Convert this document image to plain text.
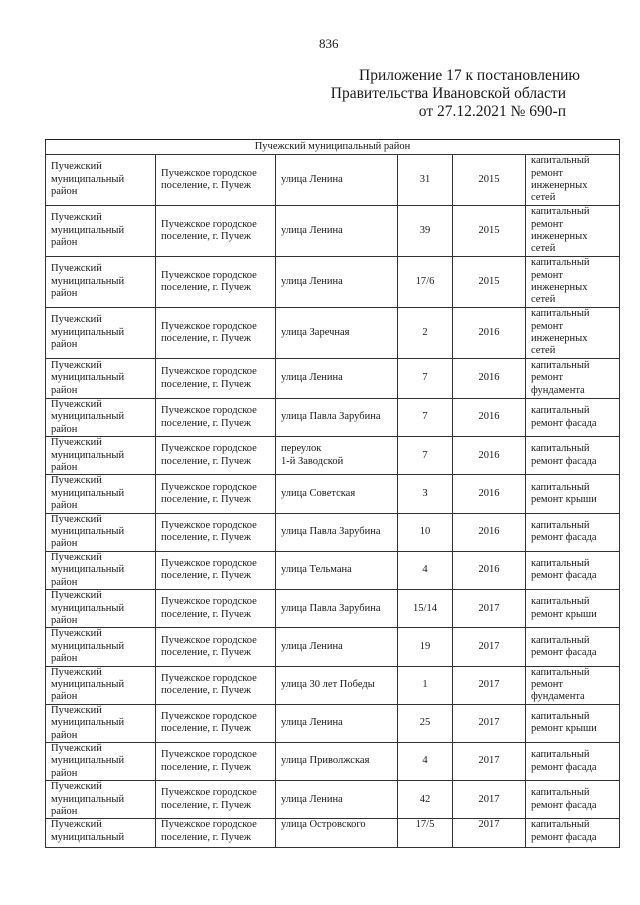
836
Приложение 17 к постановлению
Правительства Ивановской области
от 27.12.2021 № 690-п
Пучежский муниципальный район					

Пучежский
муниципальный
район	Пучежское городское поселение, г. Пучеж	улица Ленина	31	2015	капитальный
ремонт
инженерных
сетей

Пучежский
муниципальный
район	Пучежское городское поселение, г. Пучеж	улица Ленина	39	2015	капитальный
ремонт
инженерных
сетей

Пучежский
муниципальный
район	Пучежское городское поселение, г. Пучеж	улица Ленина	17/6	2015	капитальный
ремонт
инженерных
сетей

Пучежский
муниципальный
район	Пучежское городское поселение, г. Пучеж	улица Заречная	2	2016	капитальный
ремонт
инженерных
сетей

Пучежский
муниципальный
район	Пучежское городское поселение, г. Пучеж	улица Ленина	7	2016	капитальный
ремонт
фундамента

Пучежский
муниципальный
район	Пучежское городское поселение, г. Пучеж	улица Павла Зарубина	7	2016	капитальный
ремонт фасада

Пучежский
муниципальный
район	Пучежское городское поселение, г. Пучеж	переулок
1-й Заводской	7	2016	капитальный
ремонт фасада

Пучежский
муниципальный
район	Пучежское городское поселение, г. Пучеж	улица Советская	3	2016	капитальный
ремонт крыши

Пучежский
муниципальный
район	Пучежское городское поселение, г. Пучеж	улица Павла Зарубина	10	2016	капитальный
ремонт фасада

Пучежский
муниципальный
район	Пучежское городское поселение, г. Пучеж	улица Тельмана	4	2016	капитальный
ремонт фасада

Пучежский
муниципальный
район	Пучежское городское поселение, г. Пучеж	улица Павла Зарубина	15/14	2017	капитальный
ремонт крыши

Пучежский
муниципальный
район	Пучежское городское поселение, г. Пучеж	улица Ленина	19	2017	капитальный
ремонт фасада

Пучежский
муниципальный
район	Пучежское городское поселение, г. Пучеж	улица 30 лет Победы	1	2017	капитальный
ремонт
фундамента

Пучежский
муниципальный
район	Пучежское городское поселение, г. Пучеж	улица Ленина	25	2017	капитальный
ремонт крыши

Пучежский
муниципальный
район	Пучежское городское поселение, г. Пучеж	улица Приволжская	4	2017	капитальный
ремонт фасада

Пучежский
муниципальный
район	Пучежское городское поселение, г. Пучеж	улица Ленина	42	2017	капитальный
ремонт фасада

Пучежский
муниципальный	Пучежское городское поселение, г. Пучеж	улица Островского	17/5	2017	капитальный
ремонт фасада
